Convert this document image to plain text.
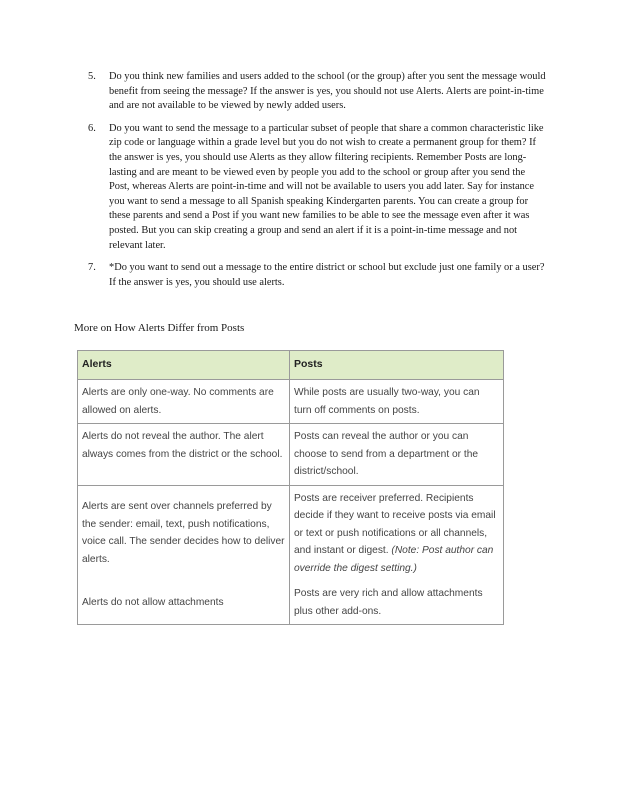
5. Do you think new families and users added to the school (or the group) after you sent the message would benefit from seeing the message? If the answer is yes, you should not use Alerts. Alerts are point-in-time and are not available to be viewed by newly added users.
6. Do you want to send the message to a particular subset of people that share a common characteristic like zip code or language within a grade level but you do not wish to create a permanent group for them? If the answer is yes, you should use Alerts as they allow filtering recipients. Remember Posts are long-lasting and are meant to be viewed even by people you add to the school or group after you send the Post, whereas Alerts are point-in-time and will not be available to users you add later. Say for instance you want to send a message to all Spanish speaking Kindergarten parents. You can create a group for these parents and send a Post if you want new families to be able to see the message even after it was posted. But you can skip creating a group and send an alert if it is a point-in-time message and not relevant later.
7. *Do you want to send out a message to the entire district or school but exclude just one family or a user? If the answer is yes, you should use alerts.
More on How Alerts Differ from Posts
Alerts	Posts
Alerts are only one-way. No comments are allowed on alerts.	While posts are usually two-way, you can turn off comments on posts.
Alerts do not reveal the author. The alert always comes from the district or the school.	Posts can reveal the author or you can choose to send from a department or the district/school.
Alerts are sent over channels preferred by the sender: email, text, push notifications, voice call. The sender decides how to deliver alerts.	Posts are receiver preferred. Recipients decide if they want to receive posts via email or text or push notifications or all channels, and instant or digest. (Note: Post author can override the digest setting.)
Alerts do not allow attachments	Posts are very rich and allow attachments plus other add-ons.
